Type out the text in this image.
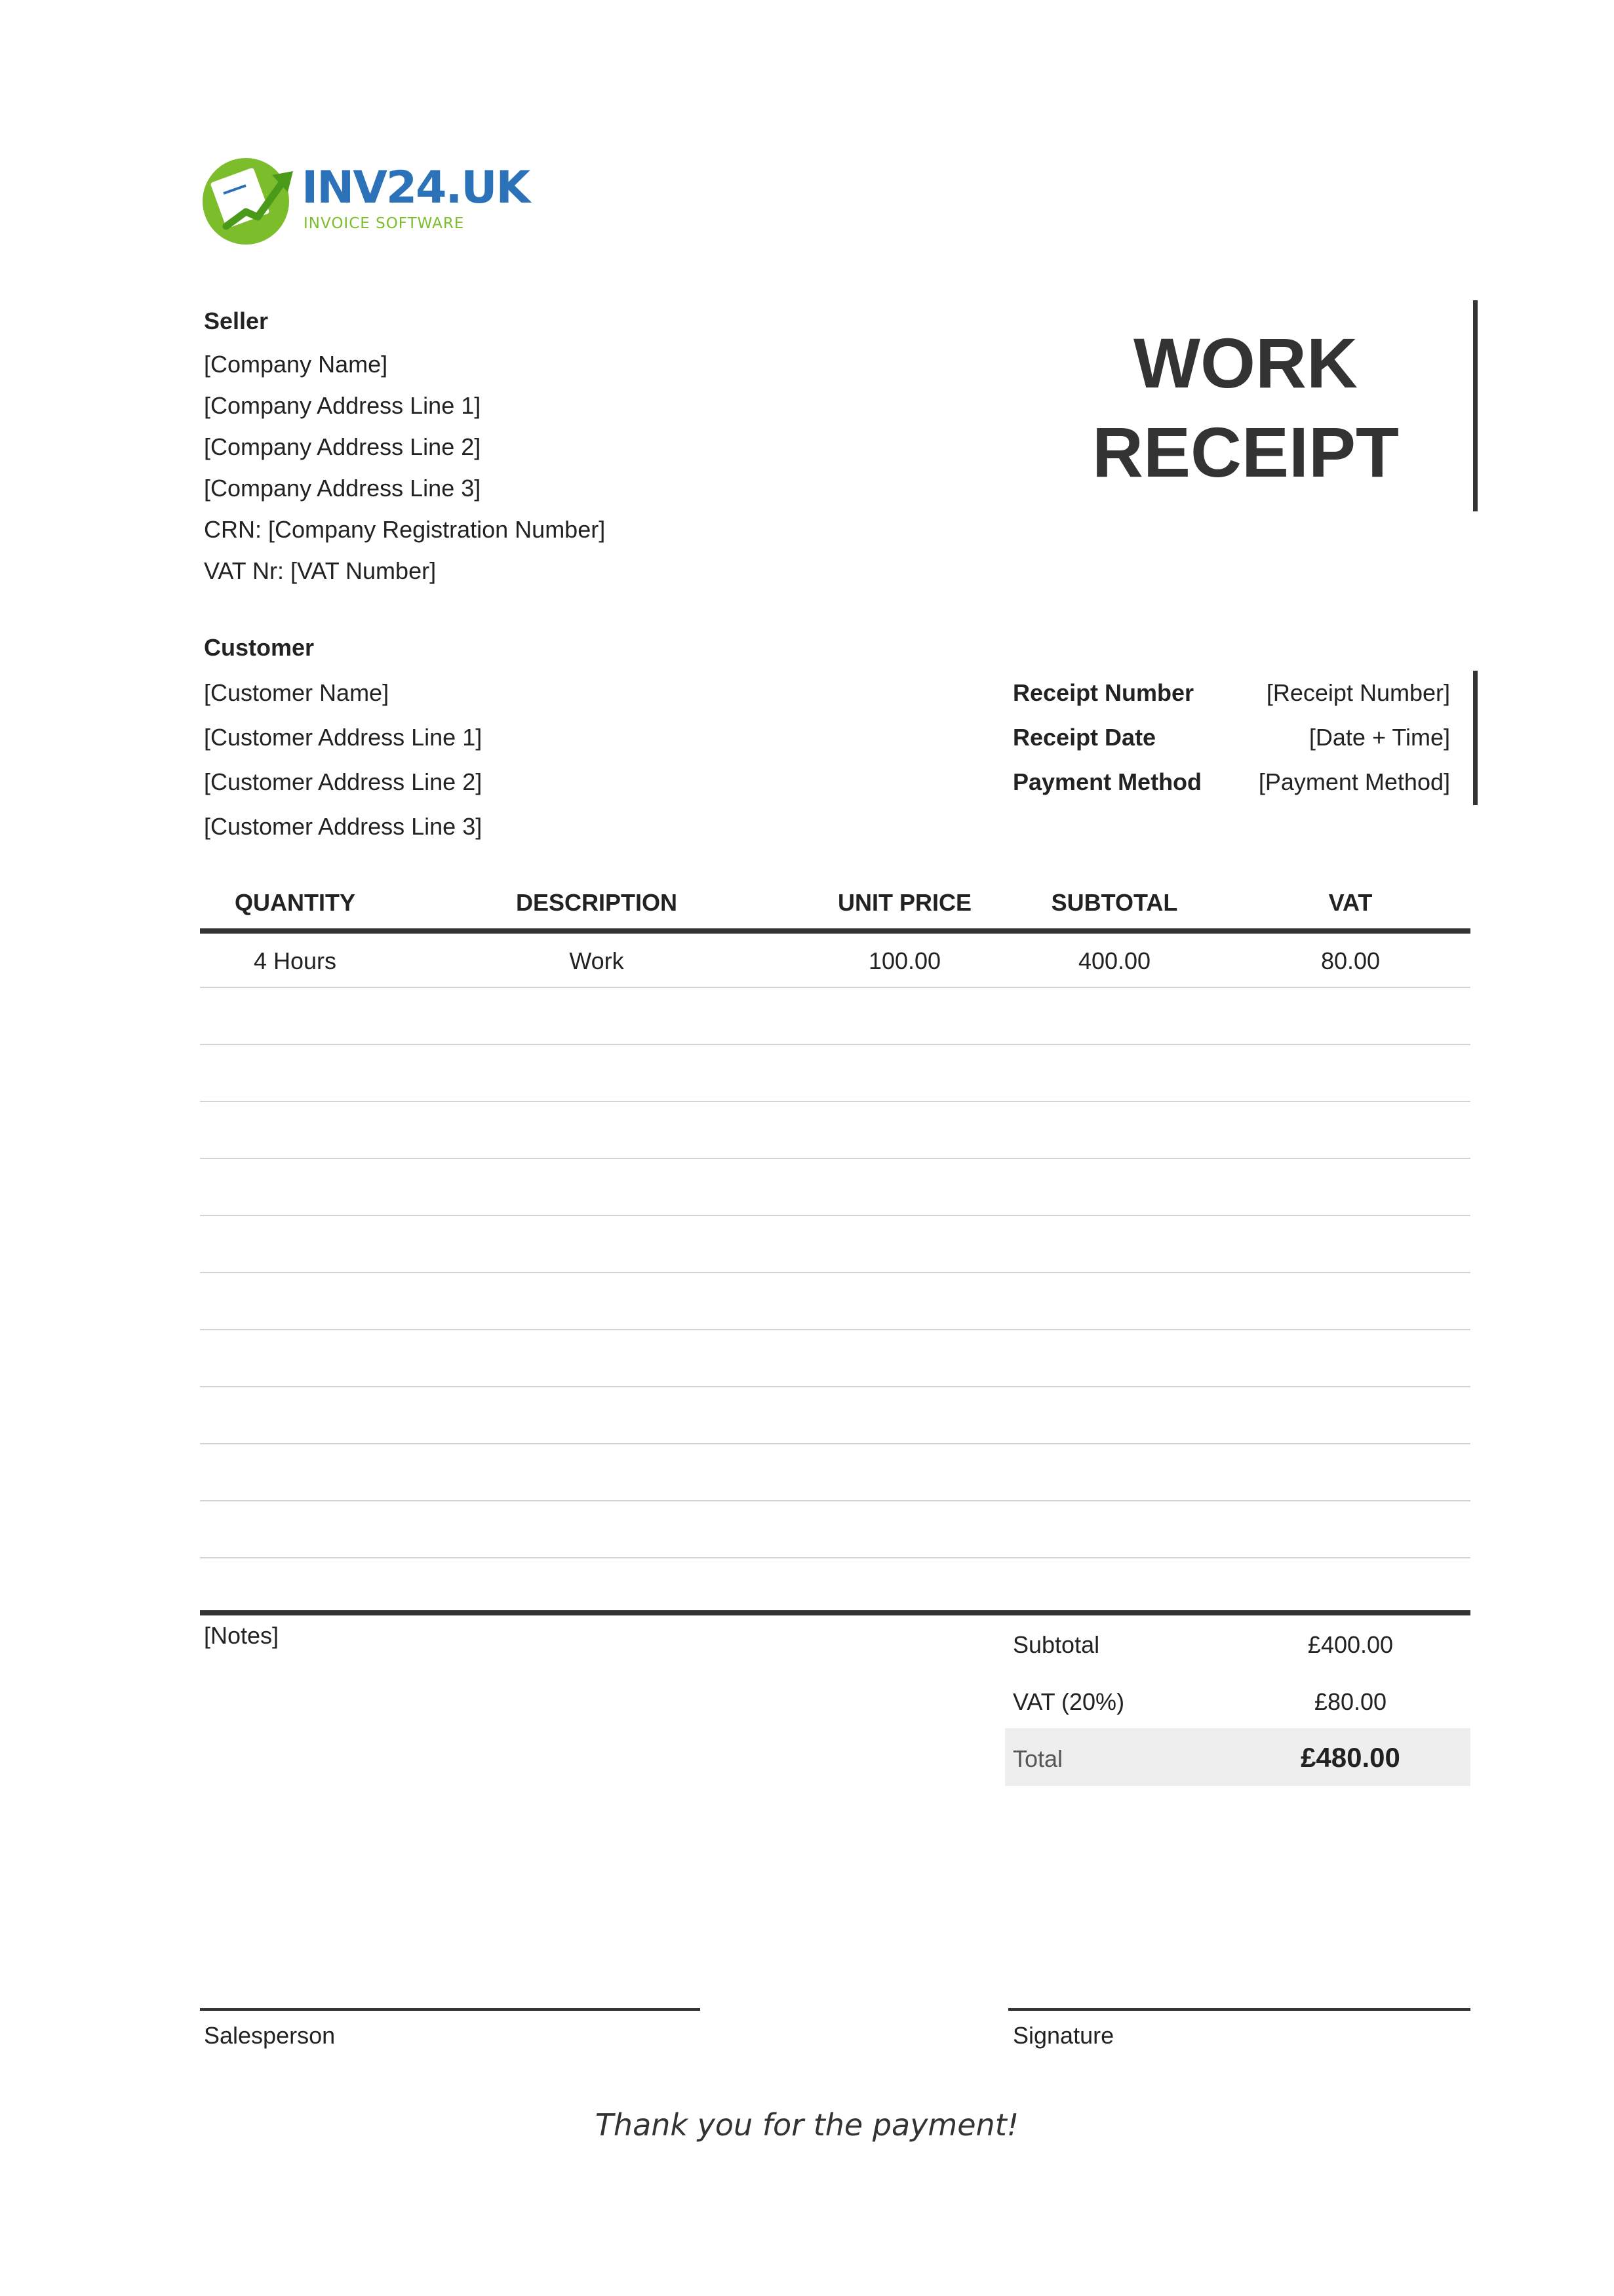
INV24.UK
INVOICE SOFTWARE
Seller
[Company Name]
[Company Address Line 1]
[Company Address Line 2]
[Company Address Line 3]
CRN: [Company Registration Number]
VAT Nr: [VAT Number]
WORK
RECEIPT
Customer
[Customer Name]
[Customer Address Line 1]
[Customer Address Line 2]
[Customer Address Line 3]
Receipt Number	[Receipt Number]
Receipt Date	[Date + Time]
Payment Method [Payment Method]
QUANTITY	DESCRIPTION	UNIT PRICE	SUBTOTAL	VAT
4 Hours	Work	100.00	400.00	80.00
[Notes]	Subtotal	£400.00
VAT (20%)	£80.00
Total	£480.00
Salesperson	Signature
Thank you for the payment!
